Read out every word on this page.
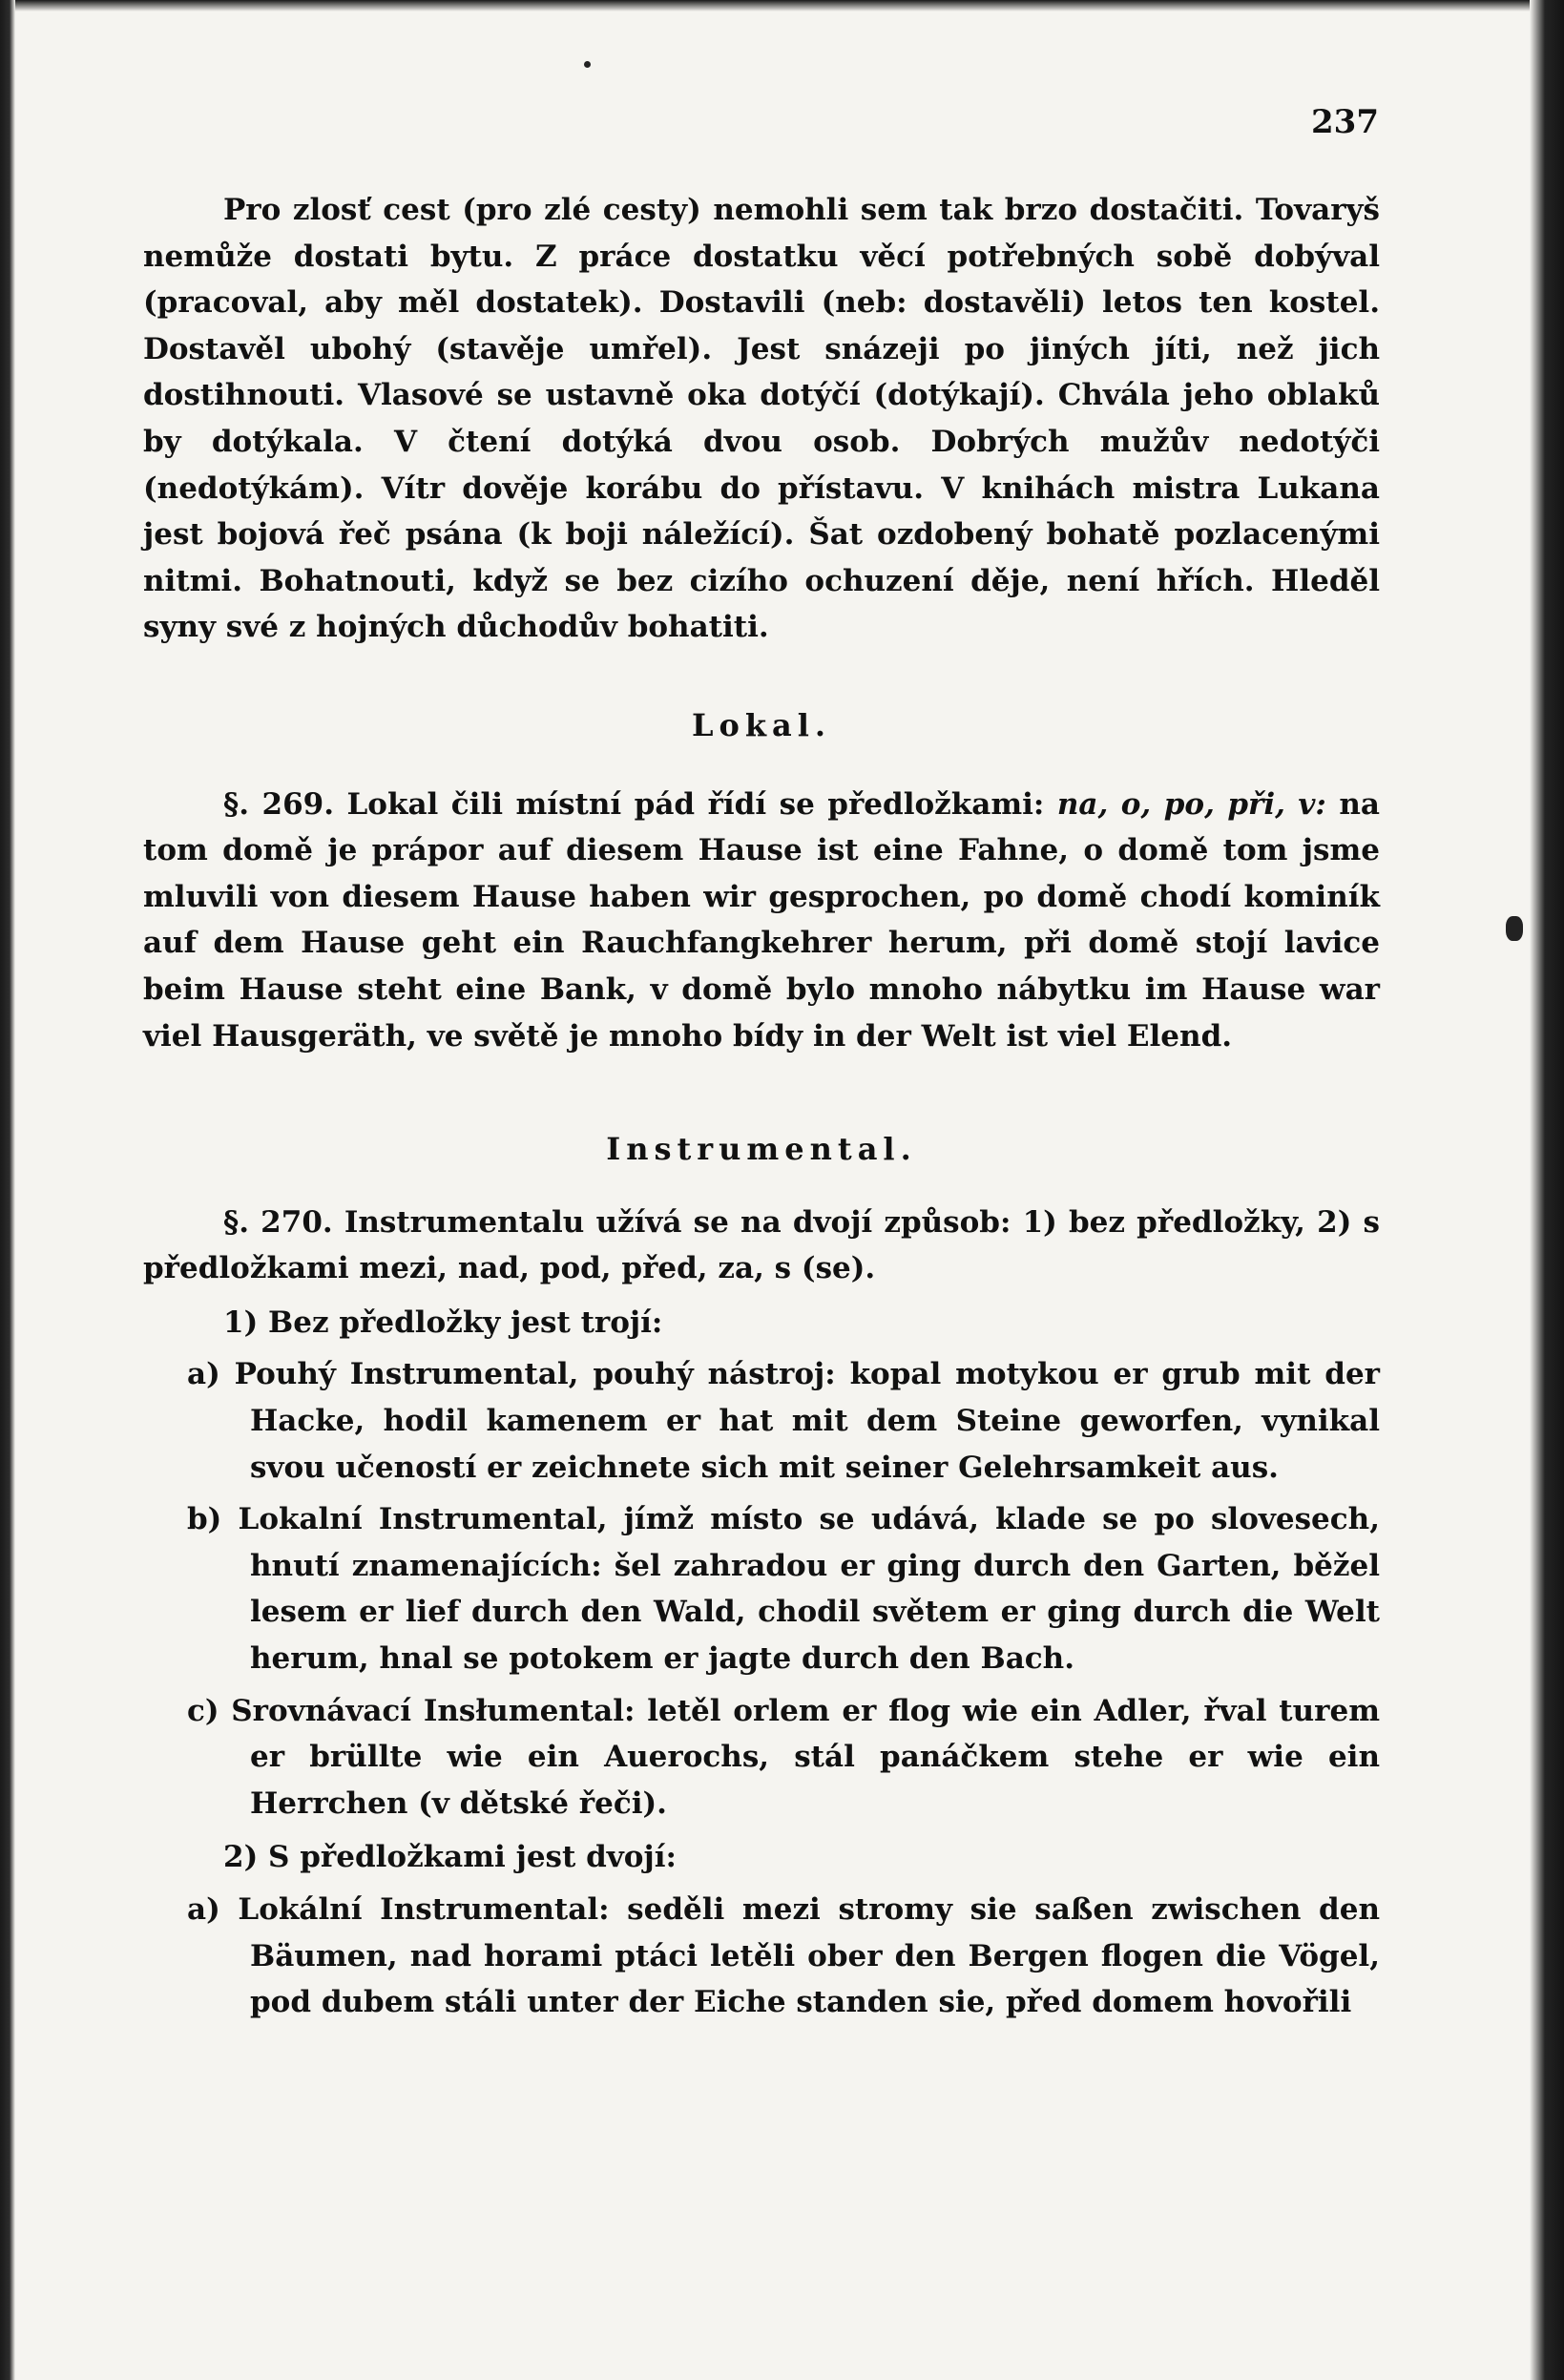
237

Pro zlosť cest (pro zlé cesty) nemohli sem tak brzo dostačiti. Tovaryš nemůže dostati bytu. Z práce dostatku věcí potřebných sobě dobýval (pracoval, aby měl dostatek). Dostavili (neb: dostavěli) letos ten kostel. Dostavěl ubohý (stavěje umřel). Jest snázeji po jiných jíti, než jich dostihnouti. Vlasové se ustavně oka dotýčí (dotýkají). Chvála jeho oblaků by dotýkala. V čtení dotýká dvou osob. Dobrých mužův nedotýči (nedotýkám). Vítr dověje korábu do přístavu. V knihách mistra Lukana jest bojová řeč psána (k boji náležící). Šat ozdobený bohatě pozlacenými nitmi. Bohatnouti, když se bez cizího ochuzení děje, není hřích. Hleděl syny své z hojných důchodův bohatiti.

Lokal.

§. 269. Lokal čili místní pád řídí se předložkami: na, o, po, při, v: na tom domě je prápor auf diesem Hause ist eine Fahne, o domě tom jsme mluvili von diesem Hause haben wir gesprochen, po domě chodí kominík auf dem Hause geht ein Rauchfangkehrer herum, při domě stojí lavice beim Hause steht eine Bank, v domě bylo mnoho nábytku im Hause war viel Hausgeräth, ve světě je mnoho bídy in der Welt ist viel Elend.

Instrumental.

§. 270. Instrumentalu užívá se na dvojí způsob: 1) bez předložky, 2) s předložkami mezi, nad, pod, před, za, s (se).

1) Bez předložky jest trojí:

a) Pouhý Instrumental, pouhý nástroj: kopal motykou er grub mit der Hacke, hodil kamenem er hat mit dem Steine geworfen, vynikal svou učeností er zeichnete sich mit seiner Gelehrsamkeit aus.

b) Lokalní Instrumental, jímž místo se udává, klade se po slovesech, hnutí znamenajících: šel zahradou er ging durch den Garten, běžel lesem er lief durch den Wald, chodil světem er ging durch die Welt herum, hnal se potokem er jagte durch den Bach.

c) Srovnávací Insłumental: letěl orlem er flog wie ein Adler, řval turem er brüllte wie ein Auerochs, stál panáčkem stehe er wie ein Herrchen (v dětské řeči).

2) S předložkami jest dvojí:

a) Lokální Instrumental: seděli mezi stromy sie saßen zwischen den Bäumen, nad horami ptáci letěli ober den Bergen flogen die Vögel, pod dubem stáli unter der Eiche standen sie, před domem hovořili
